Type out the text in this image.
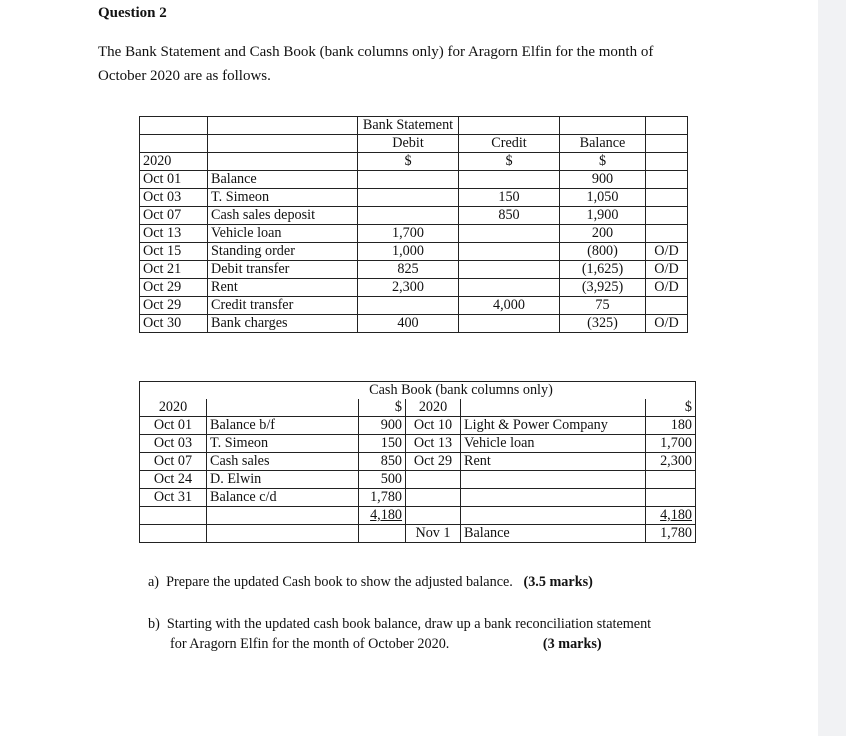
Question 2
The Bank Statement and Cash Book (bank columns only) for Aragorn Elfin for the month of
October 2020 are as follows.
		Bank Statement			
		Debit	Credit	Balance	
2020		$	$	$	
Oct 01	Balance			900	
Oct 03	T. Simeon		150	1,050	
Oct 07	Cash sales deposit		850	1,900	
Oct 13	Vehicle loan	1,700		200	
Oct 15	Standing order	1,000		(800)	O/D
Oct 21	Debit transfer	825		(1,625)	O/D
Oct 29	Rent	2,300		(3,925)	O/D
Oct 29	Credit transfer		4,000	75	
Oct 30	Bank charges	400		(325)	O/D
Cash Book (bank columns only)					
2020		$	2020		$
Oct 01	Balance b/f	900	Oct 10	Light & Power Company	180
Oct 03	T. Simeon	150	Oct 13	Vehicle loan	1,700
Oct 07	Cash sales	850	Oct 29	Rent	2,300
Oct 24	D. Elwin	500			
Oct 31	Balance c/d	1,780			
		4,180			4,180
			Nov 1	Balance	1,780
a) Prepare the updated Cash book to show the adjusted balance. (3.5 marks)
b) Starting with the updated cash book balance, draw up a bank reconciliation statement
for Aragorn Elfin for the month of October 2020.	(3 marks)
